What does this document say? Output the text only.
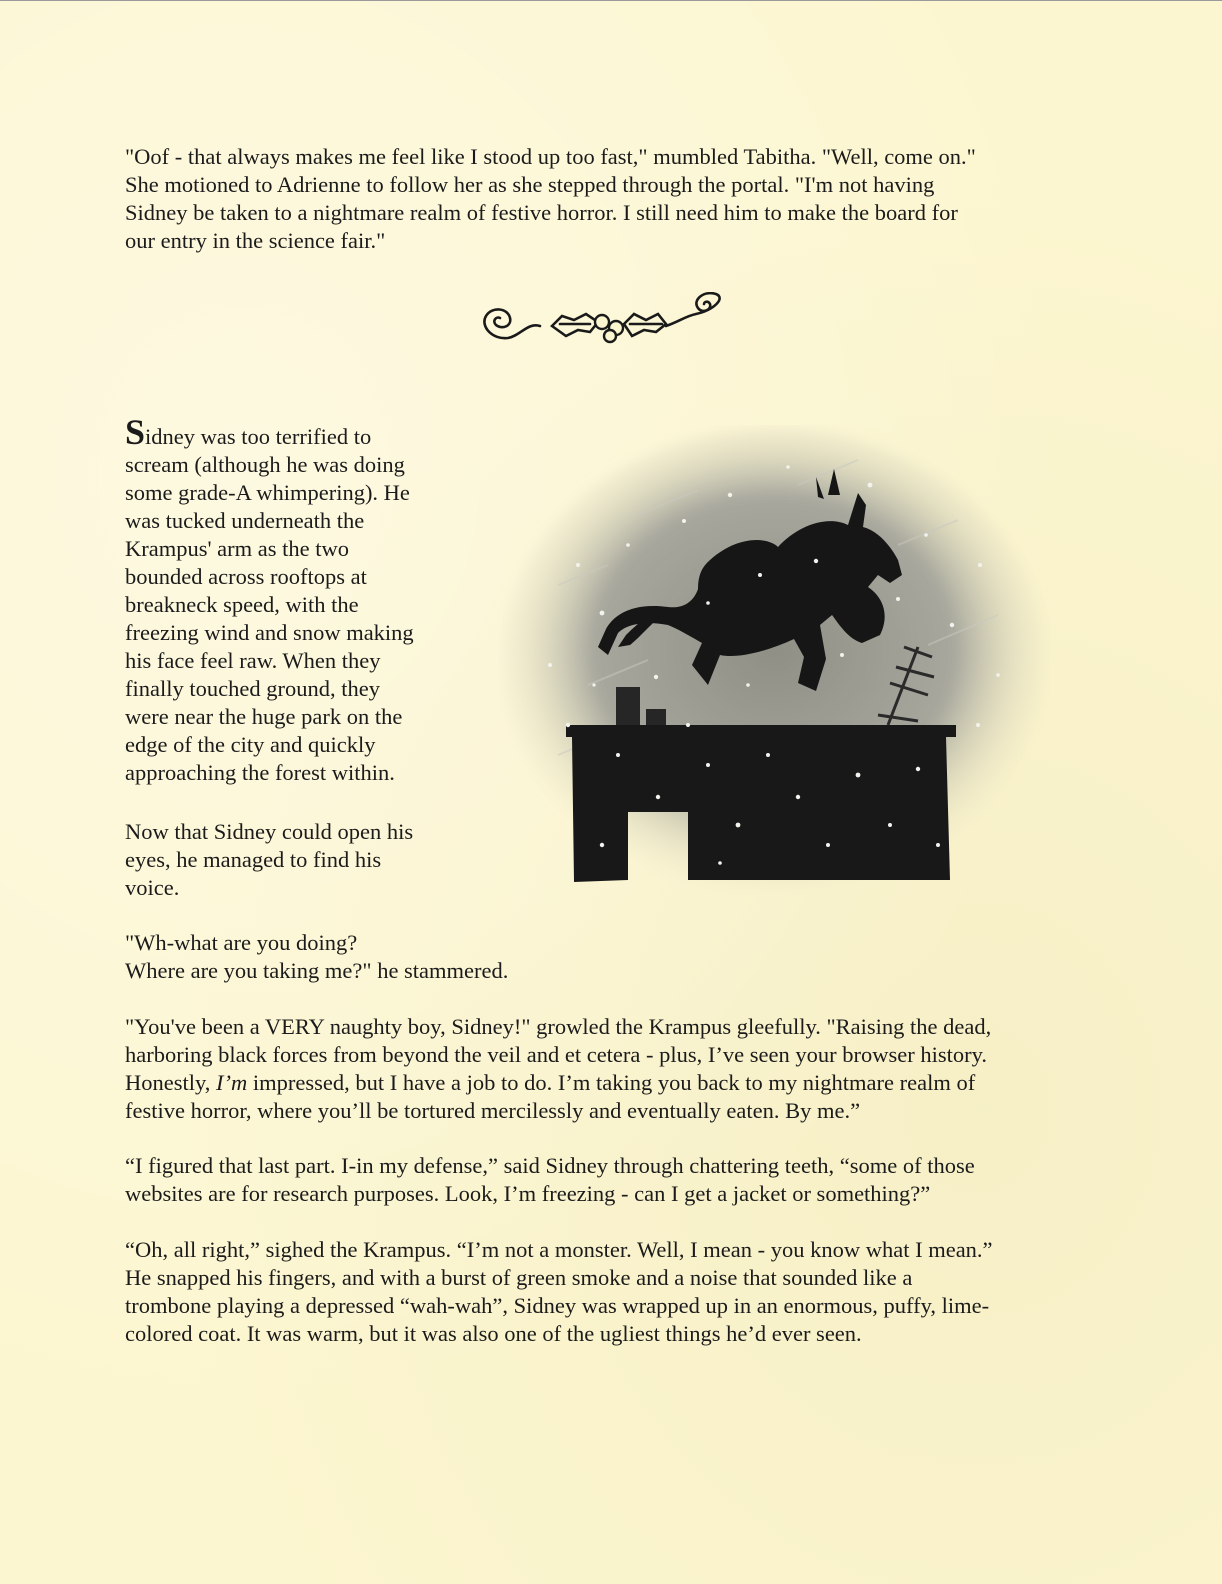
"Oof - that always makes me feel like I stood up too fast," mumbled Tabitha. "Well, come on."
She motioned to Adrienne to follow her as she stepped through the portal. "I'm not having
Sidney be taken to a nightmare realm of festive horror. I still need him to make the board for
our entry in the science fair."

Sidney was too terrified to
scream (although he was doing
some grade-A whimpering). He
was tucked underneath the
Krampus' arm as the two
bounded across rooftops at
breakneck speed, with the
freezing wind and snow making
his face feel raw. When they
finally touched ground, they
were near the huge park on the
edge of the city and quickly
approaching the forest within.

Now that Sidney could open his
eyes, he managed to find his
voice.

"Wh-what are you doing?
Where are you taking me?" he stammered.

"You've been a VERY naughty boy, Sidney!" growled the Krampus gleefully. "Raising the dead,
harboring black forces from beyond the veil and et cetera - plus, I’ve seen your browser history.
Honestly, I’m impressed, but I have a job to do. I’m taking you back to my nightmare realm of
festive horror, where you’ll be tortured mercilessly and eventually eaten. By me.”

“I figured that last part. I-in my defense,” said Sidney through chattering teeth, “some of those
websites are for research purposes. Look, I’m freezing - can I get a jacket or something?”

“Oh, all right,” sighed the Krampus. “I’m not a monster. Well, I mean - you know what I mean.”
He snapped his fingers, and with a burst of green smoke and a noise that sounded like a
trombone playing a depressed “wah-wah”, Sidney was wrapped up in an enormous, puffy, lime-
colored coat. It was warm, but it was also one of the ugliest things he’d ever seen.
